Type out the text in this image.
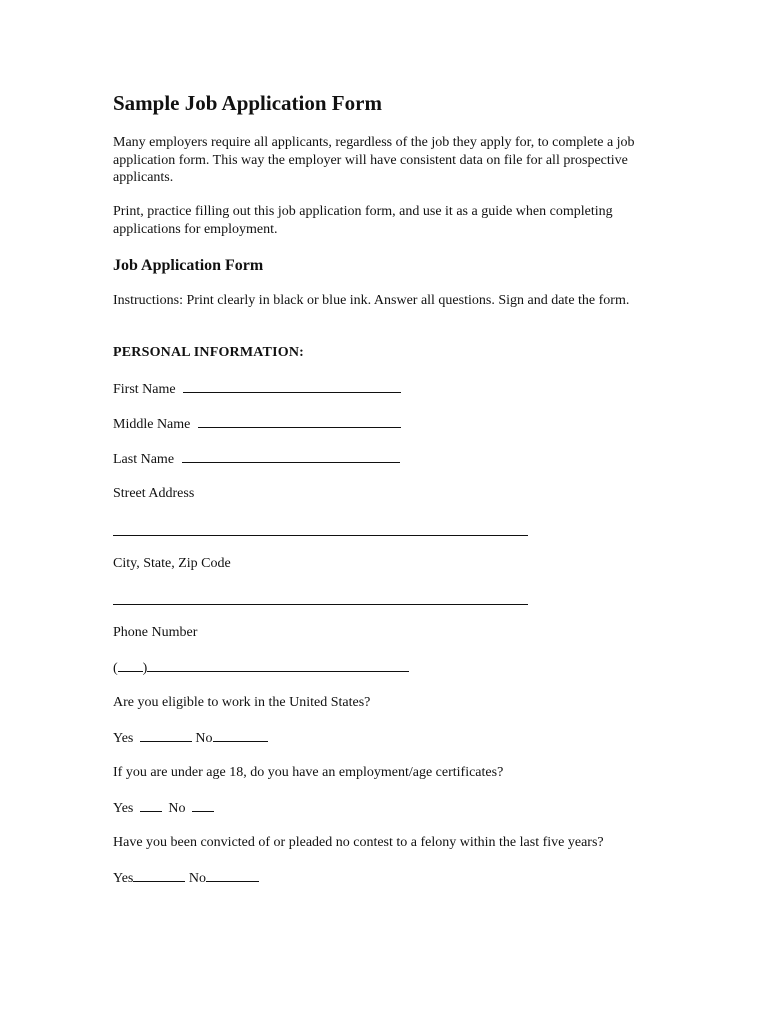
Sample Job Application Form
Many employers require all applicants, regardless of the job they apply for, to complete a job application form. This way the employer will have consistent data on file for all prospective applicants.
Print, practice filling out this job application form, and use it as a guide when completing applications for employment.
Job Application Form
Instructions: Print clearly in black or blue ink. Answer all questions. Sign and date the form.
PERSONAL INFORMATION:
First Name
Middle Name
Last Name
Street Address
City, State, Zip Code
Phone Number
( )
Are you eligible to work in the United States?
Yes	No
If you are under age 18, do you have an employment/age certificates?
Yes	No
Have you been convicted of or pleaded no contest to a felony within the last five years?
Yes	No
